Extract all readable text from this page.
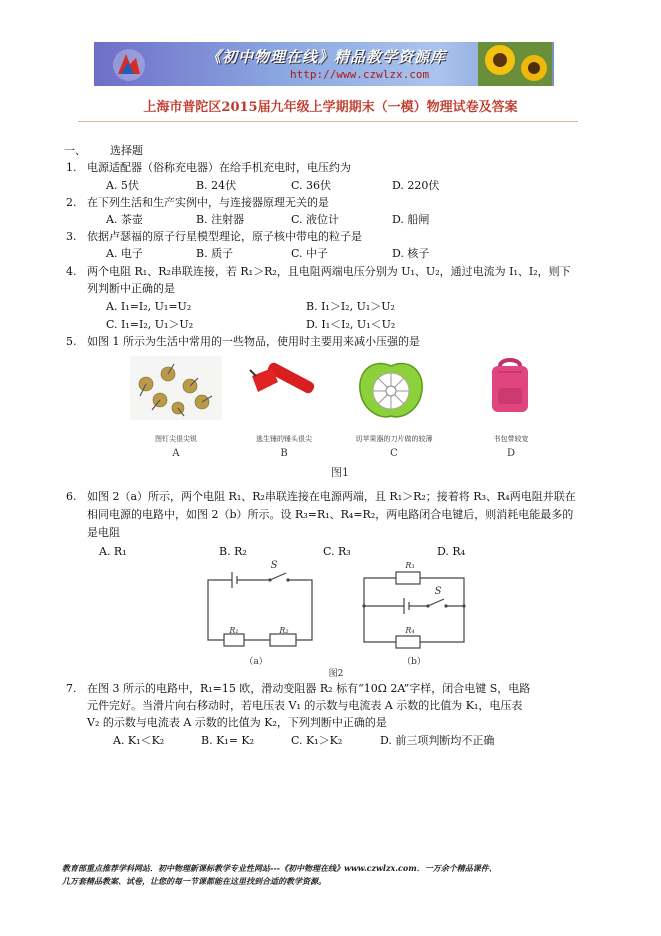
《初中物理在线》精品教学资源库
http://www.czwlzx.com
上海市普陀区2015届九年级上学期期末（一模）物理试卷及答案
一、 选择题
1. 电源适配器（俗称充电器）在给手机充电时，电压约为
A. 5伏	B. 24伏	C. 36伏	D. 220伏
2. 在下列生活和生产实例中，与连接器原理无关的是
A. 茶壶	B. 注射器	C. 液位计	D. 船闸
3. 依据卢瑟福的原子行星模型理论，原子核中带电的粒子是
A. 电子	B. 质子	C. 中子	D. 核子
4. 两个电阻 R₁、R₂串联连接，若 R₁＞R₂，且电阻两端电压分别为 U₁、U₂，通过电流为 I₁、I₂，则下
列判断中正确的是
A. I₁=I₂, U₁=U₂	B. I₁＞I₂, U₁＞U₂
C. I₁=I₂, U₁＞U₂	D. I₁＜I₂, U₁＜U₂
5. 如图 1 所示为生活中常用的一些物品，使用时主要用来减小压强的是
图钉尖很尖锐	逃生锤的锤头很尖	切苹果器的刀片做的较薄	书包带较宽
A	B	C	D
图1
6. 如图 2（a）所示，两个电阻 R₁、R₂串联连接在电源两端，且 R₁＞R₂；接着将 R₃、R₄两电阻并联在
相同电源的电路中，如图 2（b）所示。设 R₃=R₁、R₄=R₂，两电路闭合电键后，则消耗电能最多的
是电阻
A. R₁	B. R₂	C. R₃	D. R₄
S
R₁	R₂
R₃
S
R₄
（a）	（b）
图2
7. 在图 3 所示的电路中，R₁=15 欧，滑动变阻器 R₂ 标有“10Ω 2A”字样，闭合电键 S，电路
元件完好。当滑片向右移动时，若电压表 V₁ 的示数与电流表 A 示数的比值为 K₁，电压表
V₂ 的示数与电流表 A 示数的比值为 K₂，下列判断中正确的是
A. K₁＜K₂	B. K₁= K₂	C. K₁＞K₂	D. 前三项判断均不正确
教育部重点推荐学科网站．初中物理新课标教学专业性网站---《初中物理在线》www.czwlzx.com．一万余个精品课件、
几万套精品教案、试卷，让您的每一节课都能在这里找到合适的教学资源。
